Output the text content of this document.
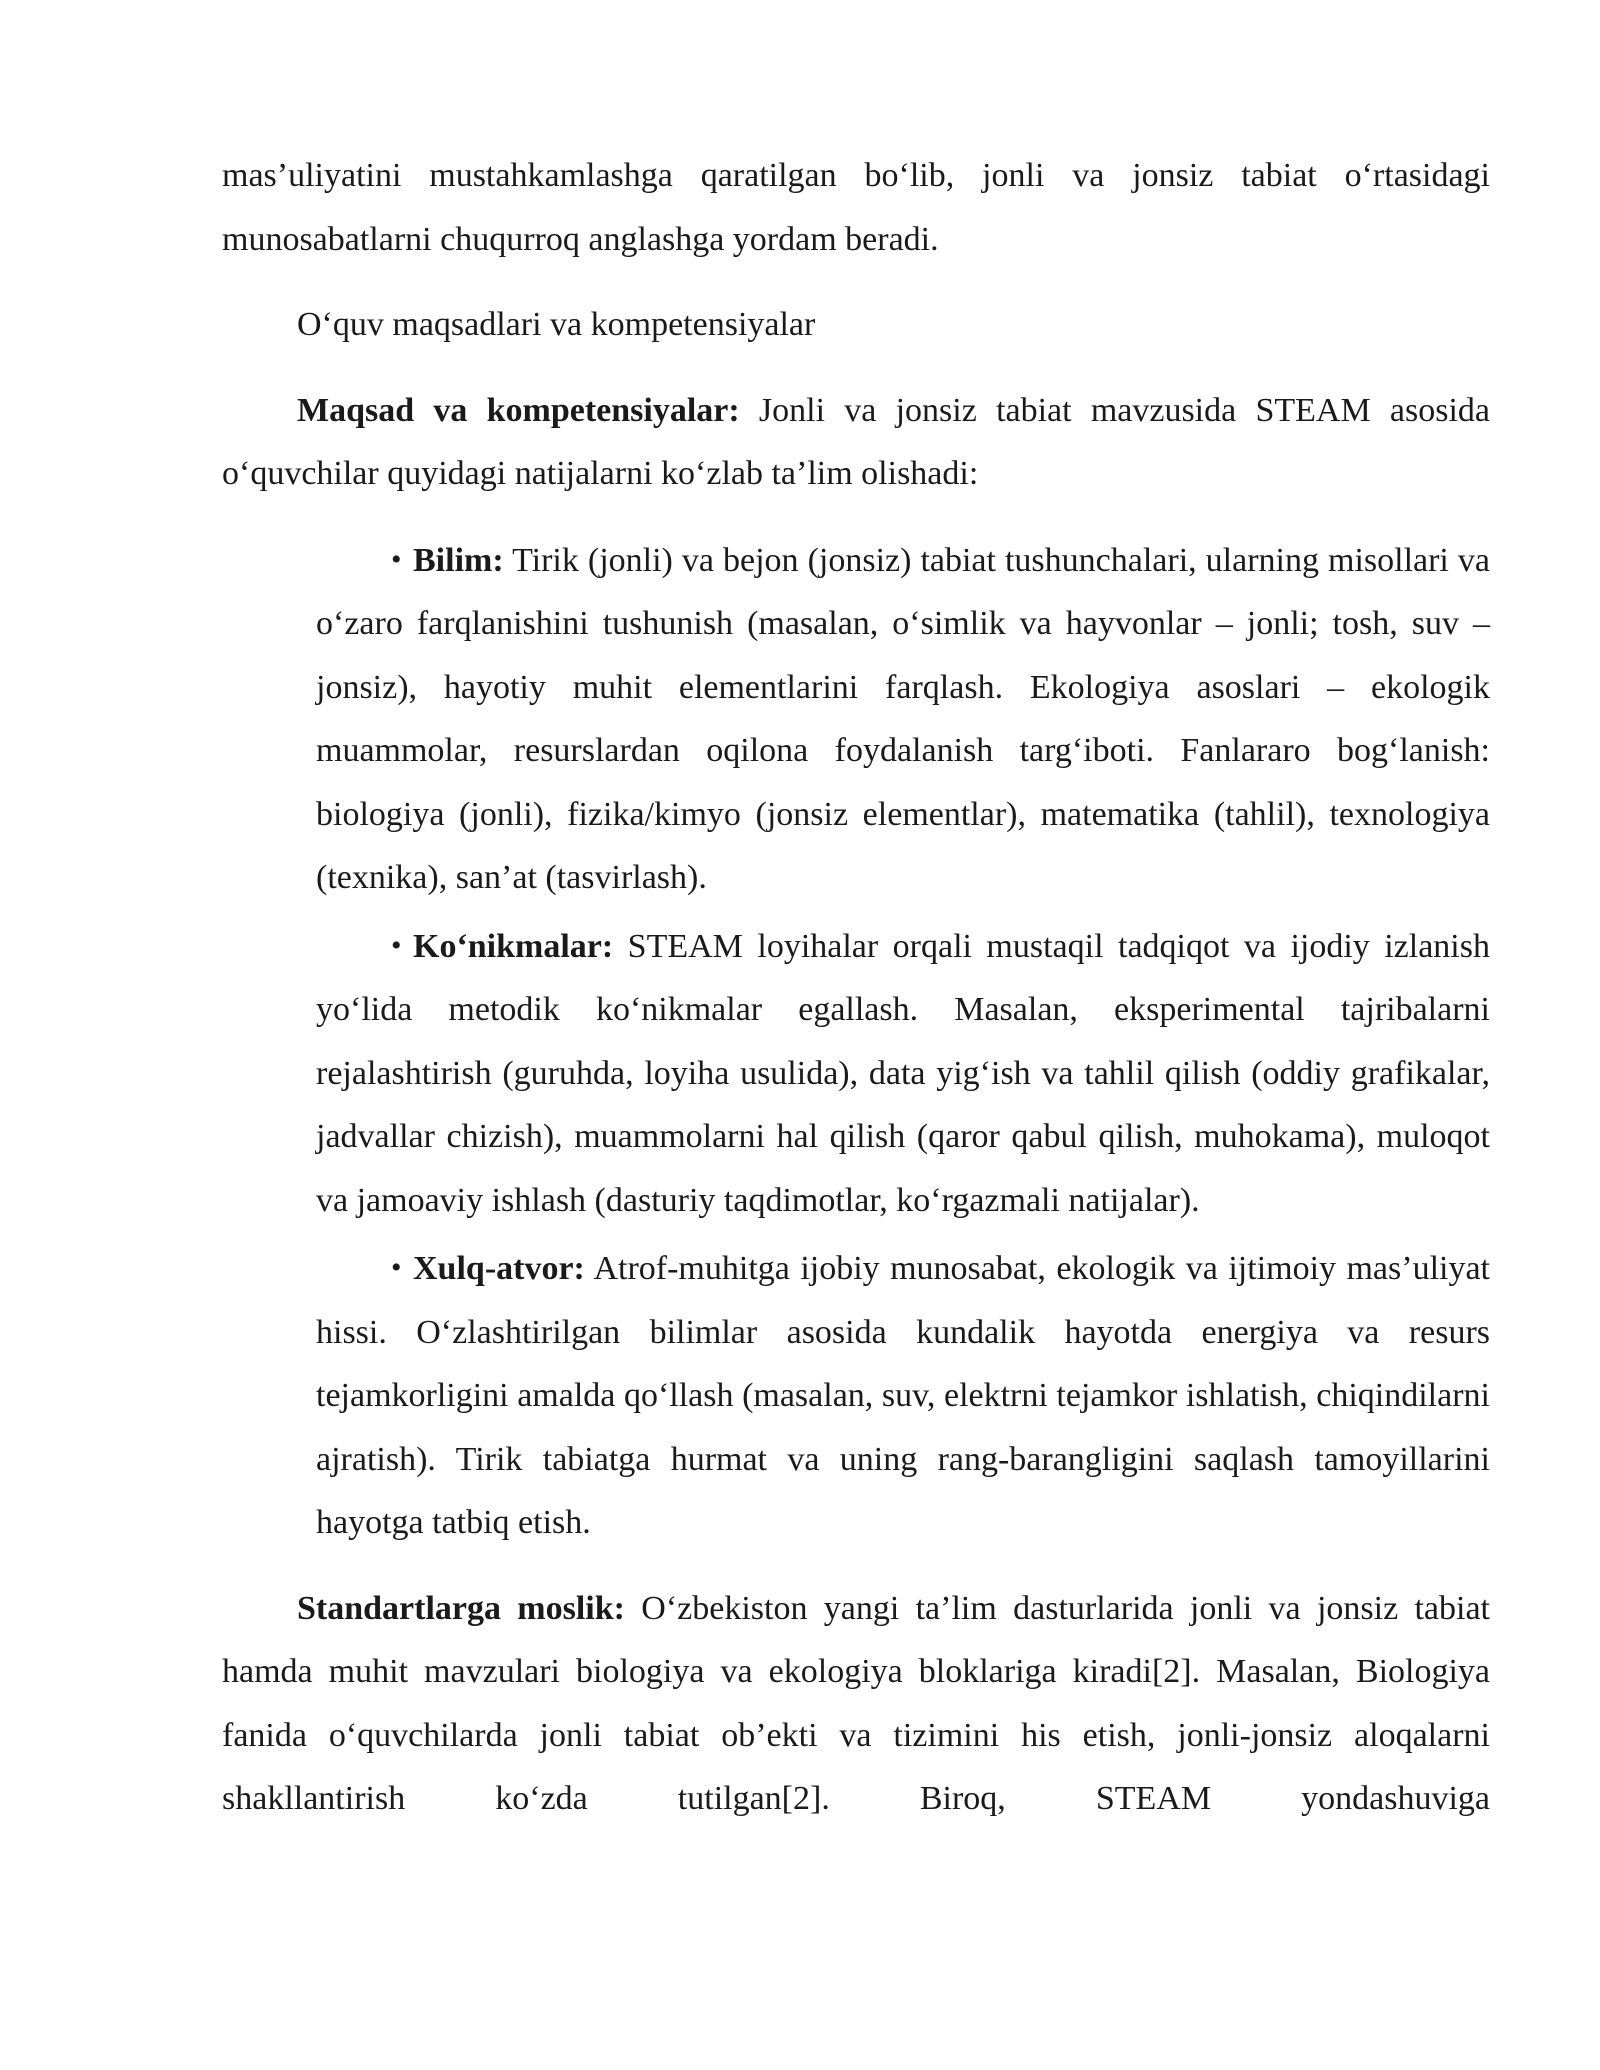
mas’uliyatini mustahkamlashga qaratilgan bo‘lib, jonli va jonsiz tabiat o‘rtasidagi munosabatlarni chuqurroq anglashga yordam beradi.

O‘quv maqsadlari va kompetensiyalar

Maqsad va kompetensiyalar: Jonli va jonsiz tabiat mavzusida STEAM asosida o‘quvchilar quyidagi natijalarni ko‘zlab ta’lim olishadi:

• Bilim: Tirik (jonli) va bejon (jonsiz) tabiat tushunchalari, ularning misollari va o‘zaro farqlanishini tushunish (masalan, o‘simlik va hayvonlar – jonli; tosh, suv – jonsiz), hayotiy muhit elementlarini farqlash. Ekologiya asoslari – ekologik muammolar, resurslardan oqilona foydalanish targ‘iboti. Fanlararo bog‘lanish: biologiya (jonli), fizika/kimyo (jonsiz elementlar), matematika (tahlil), texnologiya (texnika), san’at (tasvirlash).
• Ko‘nikmalar: STEAM loyihalar orqali mustaqil tadqiqot va ijodiy izlanish yo‘lida metodik ko‘nikmalar egallash. Masalan, eksperimental tajribalarni rejalashtirish (guruhda, loyiha usulida), data yig‘ish va tahlil qilish (oddiy grafikalar, jadvallar chizish), muammolarni hal qilish (qaror qabul qilish, muhokama), muloqot va jamoaviy ishlash (dasturiy taqdimotlar, ko‘rgazmali natijalar).
• Xulq-atvor: Atrof-muhitga ijobiy munosabat, ekologik va ijtimoiy mas’uliyat hissi. O‘zlashtirilgan bilimlar asosida kundalik hayotda energiya va resurs tejamkorligini amalda qo‘llash (masalan, suv, elektrni tejamkor ishlatish, chiqindilarni ajratish). Tirik tabiatga hurmat va uning rang-barangligini saqlash tamoyillarini hayotga tatbiq etish.

Standartlarga moslik: O‘zbekiston yangi ta’lim dasturlarida jonli va jonsiz tabiat hamda muhit mavzulari biologiya va ekologiya bloklariga kiradi[2]. Masalan, Biologiya fanida o‘quvchilarda jonli tabiat ob’ekti va tizimini his etish, jonli-jonsiz aloqalarni shakllantirish ko‘zda tutilgan[2]. Biroq, STEAM yondashuviga
